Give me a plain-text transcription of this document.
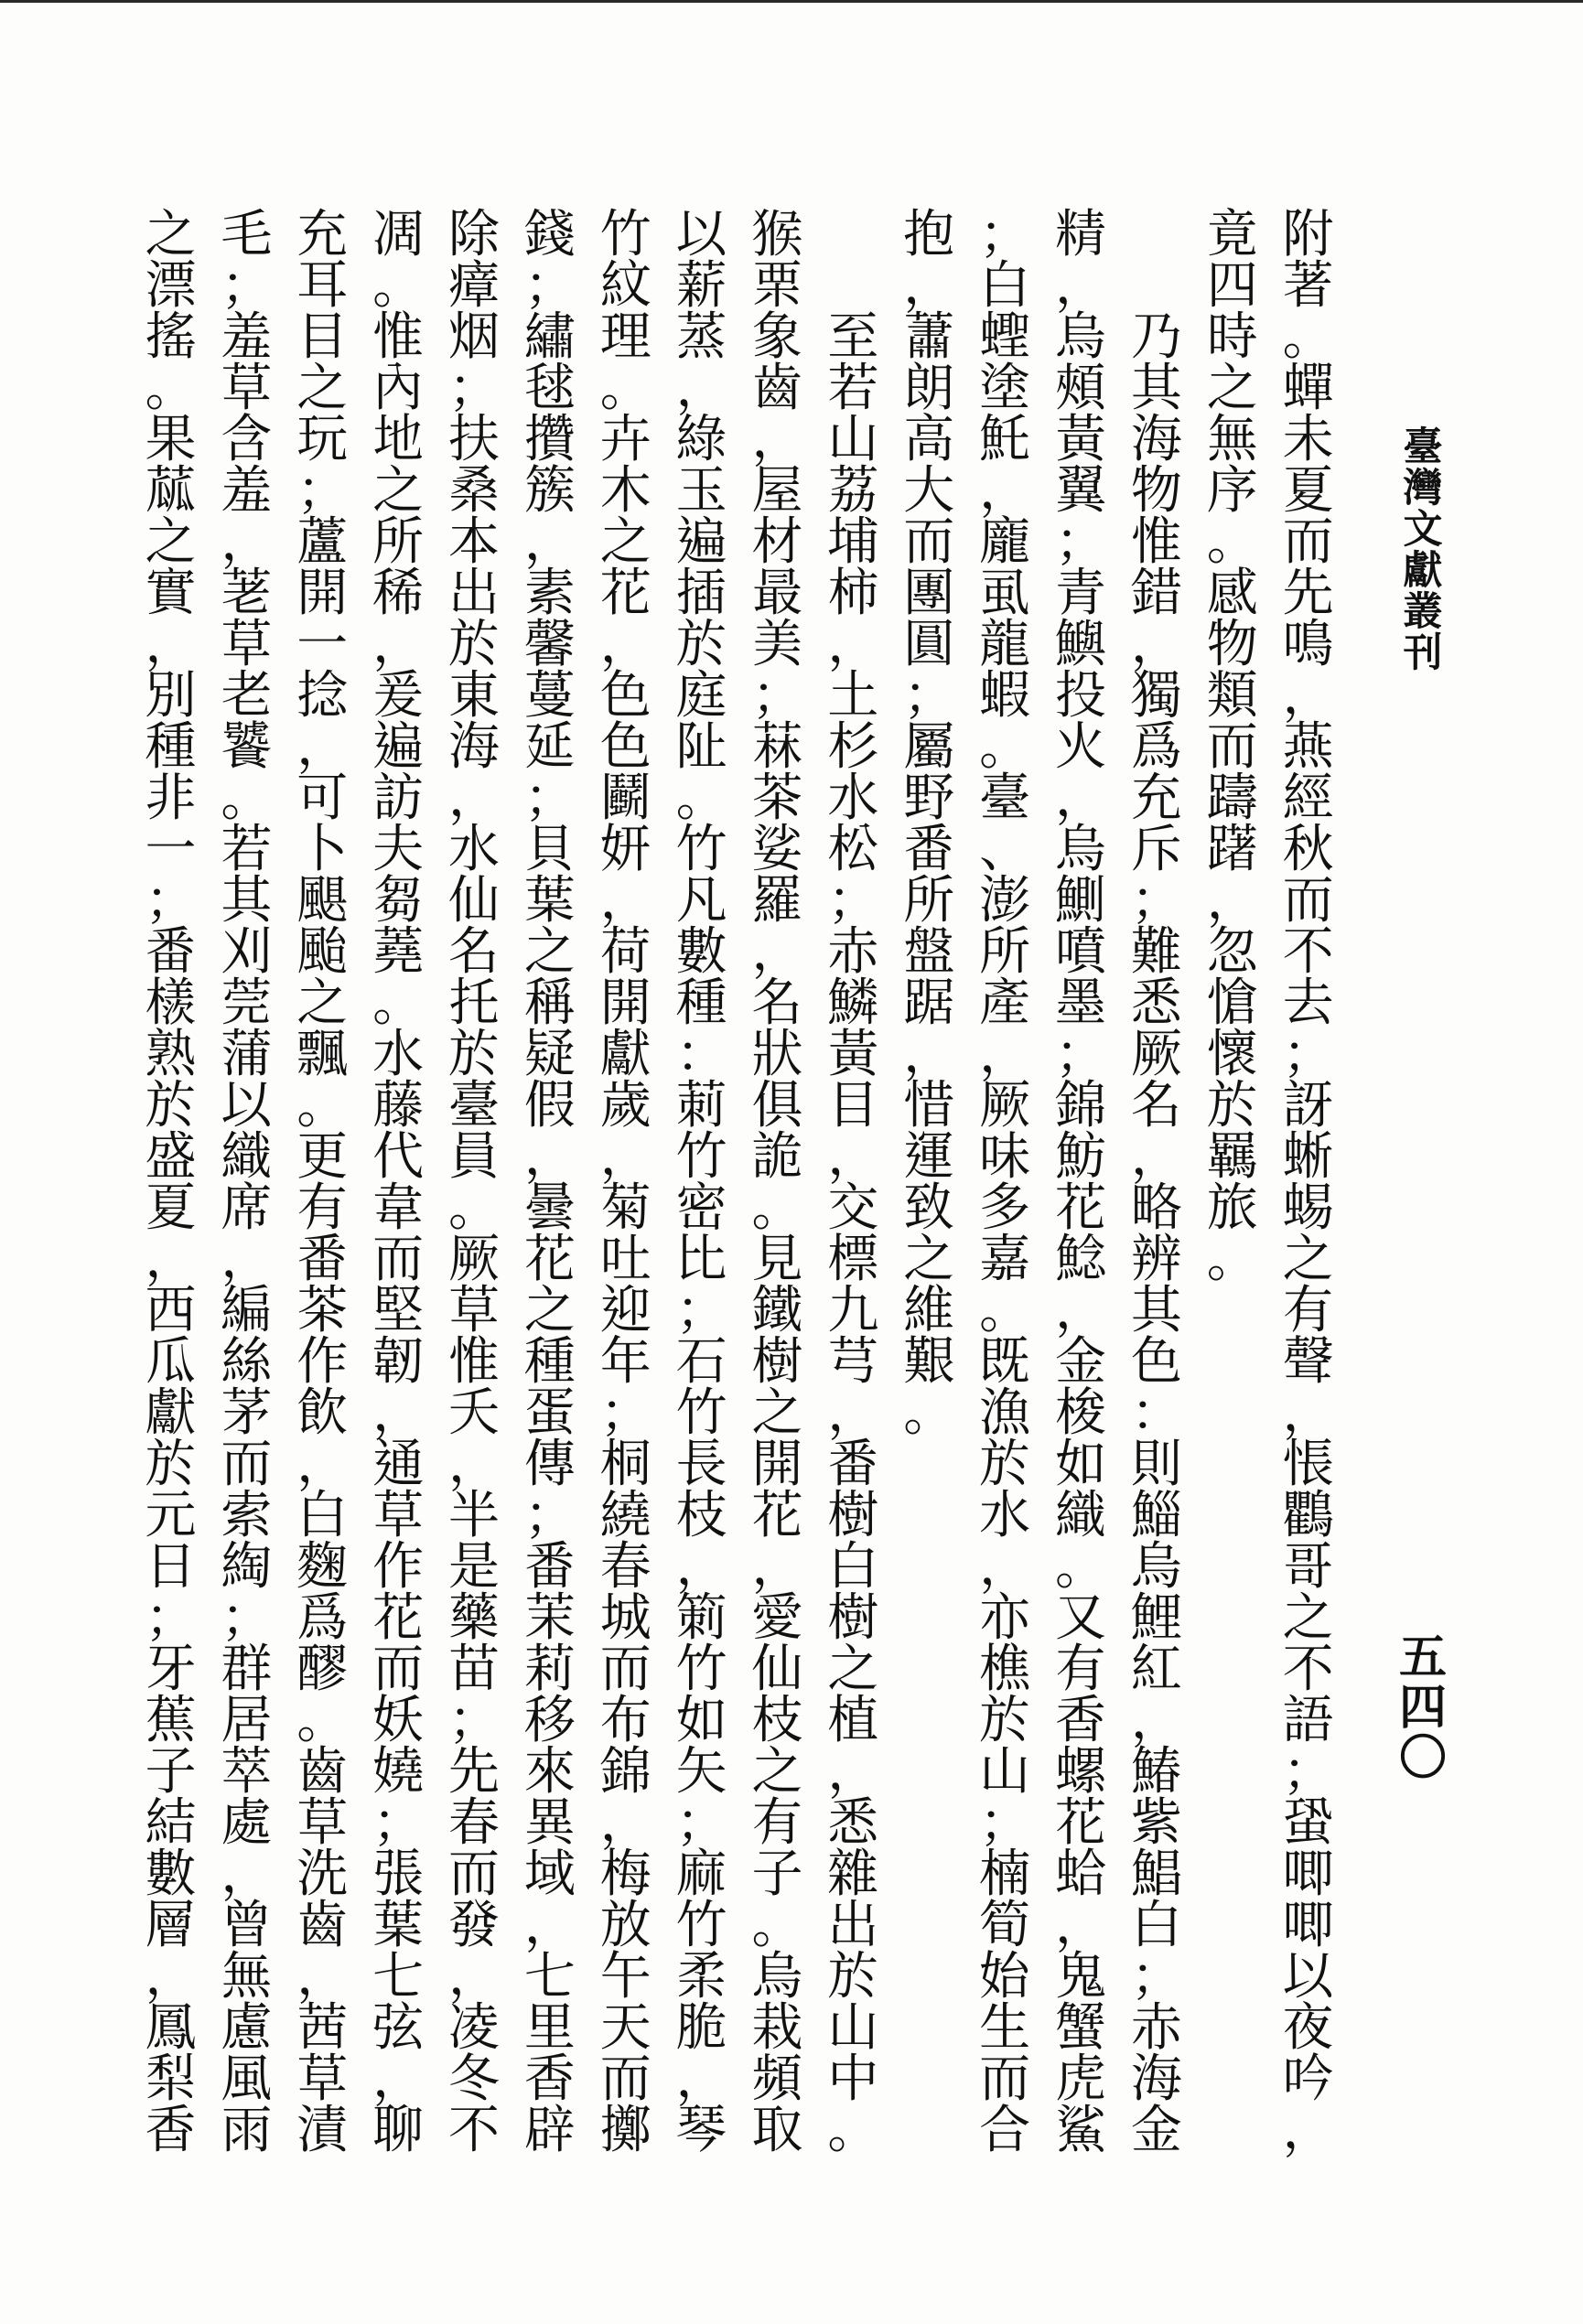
臺
灣
文
獻
叢
刊
五
四
〇
附
著
。
蟬
未
夏
而
先
鳴
，
燕
經
秋
而
不
去
；
訝
蜥
蜴
之
有
聲
，
悵
鸜
哥
之
不
語
；
蛩
唧
唧
以
夜
吟
，
竟
四
時
之
無
序
。
感
物
類
而
躊
躇
，
忽
愴
懷
於
羈
旅
。
乃
其
海
物
惟
錯
，
獨
爲
充
斥
；
難
悉
厥
名
，
略
辨
其
色
：
則
鯔
烏
鯉
紅
，
鰆
紫
鯧
白
；
赤
海
金
精
，
烏
頰
黃
翼
；
青
鱮
投
火
，
烏
鰂
噴
墨
；
錦
魴
花
鯰
，
金
梭
如
織
。
又
有
香
螺
花
蛤
，
鬼
蟹
虎
鯊
；
白
蟶
塗
魠
，
龐
虱
龍
蝦
。
臺
、
澎
所
產
，
厥
味
多
嘉
。
既
漁
於
水
，
亦
樵
於
山
；
楠
筍
始
生
而
合
抱
，
蕭
朗
高
大
而
團
圓
；
屬
野
番
所
盤
踞
，
惜
運
致
之
維
艱
。
至
若
山
荔
埔
柿
，
土
杉
水
松
；
赤
鱗
黃
目
，
交
標
九
芎
，
番
樹
白
樹
之
植
，
悉
雜
出
於
山
中
。
猴
栗
象
齒
，
屋
材
最
美
；
菻
茶
娑
羅
，
名
狀
俱
詭
。
見
鐵
樹
之
開
花
，
愛
仙
枝
之
有
子
。
烏
栽
頻
取
以
薪
蒸
，
綠
玉
遍
插
於
庭
阯
。
竹
凡
數
種
：
莿
竹
密
比
；
石
竹
長
枝
，
箣
竹
如
矢
；
麻
竹
柔
脆
，
琴
竹
紋
理
。
卉
木
之
花
，
色
色
鬬
妍
，
荷
開
獻
歲
，
菊
吐
迎
年
；
桐
繞
春
城
而
布
錦
，
梅
放
午
天
而
擲
錢
；
繡
毬
攢
簇
，
素
馨
蔓
延
；
貝
葉
之
稱
疑
假
，
曇
花
之
種
蛋
傳
；
番
茉
莉
移
來
異
域
，
七
里
香
辟
除
瘴
烟
；
扶
桑
本
出
於
東
海
，
水
仙
名
托
於
臺
員
。
厥
草
惟
夭
，
半
是
藥
苗
；
先
春
而
發
，
凌
冬
不
凋
。
惟
內
地
之
所
稀
，
爰
遍
訪
夫
芻
蕘
。
水
藤
代
韋
而
堅
韌
，
通
草
作
花
而
妖
嬈
；
張
葉
七
弦
，
聊
充
耳
目
之
玩
；
蘆
開
一
捻
，
可
卜
颶
颱
之
飄
。
更
有
番
茶
作
飲
，
白
麴
爲
醪
。
齒
草
洗
齒
，
茜
草
漬
毛
；
羞
草
含
羞
，
荖
草
老
饕
。
若
其
刈
莞
蒲
以
織
席
，
編
絲
茅
而
索
綯
；
群
居
萃
處
，
曾
無
慮
風
雨
之
漂
搖
。
果
蓏
之
實
，
別
種
非
一
；
番
檨
熟
於
盛
夏
，
西
瓜
獻
於
元
日
；
牙
蕉
子
結
數
層
，
鳳
梨
香
